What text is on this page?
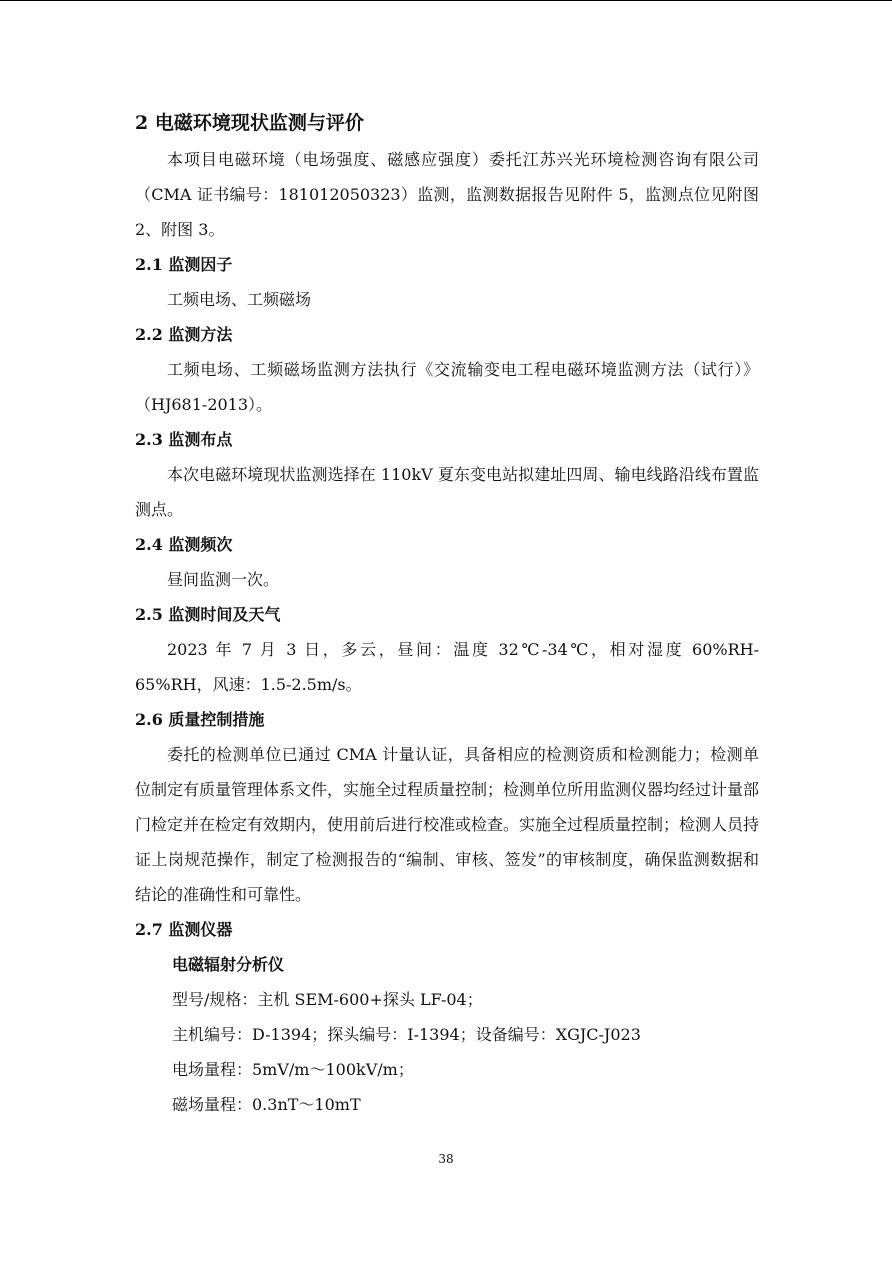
2 电磁环境现状监测与评价

本项目电磁环境（电场强度、磁感应强度）委托江苏兴光环境检测咨询有限公司（CMA 证书编号：181012050323）监测，监测数据报告见附件 5，监测点位见附图 2、附图 3。

2.1 监测因子

工频电场、工频磁场

2.2 监测方法

工频电场、工频磁场监测方法执行《交流输变电工程电磁环境监测方法（试行）》（HJ681-2013）。

2.3 监测布点

本次电磁环境现状监测选择在 110kV 夏东变电站拟建址四周、输电线路沿线布置监测点。

2.4 监测频次

昼间监测一次。

2.5 监测时间及天气

2023 年 7 月 3 日，多云，昼间：温度 32℃-34℃，相对湿度 60%RH-65%RH，风速：1.5-2.5m/s。

2.6 质量控制措施

委托的检测单位已通过 CMA 计量认证，具备相应的检测资质和检测能力；检测单位制定有质量管理体系文件，实施全过程质量控制；检测单位所用监测仪器均经过计量部门检定并在检定有效期内，使用前后进行校准或检查。实施全过程质量控制；检测人员持证上岗规范操作，制定了检测报告的“编制、审核、签发”的审核制度，确保监测数据和结论的准确性和可靠性。

2.7 监测仪器
电磁辐射分析仪
型号/规格：主机 SEM-600+探头 LF-04；
主机编号：D-1394；探头编号：I-1394；设备编号：XGJC-J023
电场量程：5mV/m～100kV/m；
磁场量程：0.3nT～10mT
38
